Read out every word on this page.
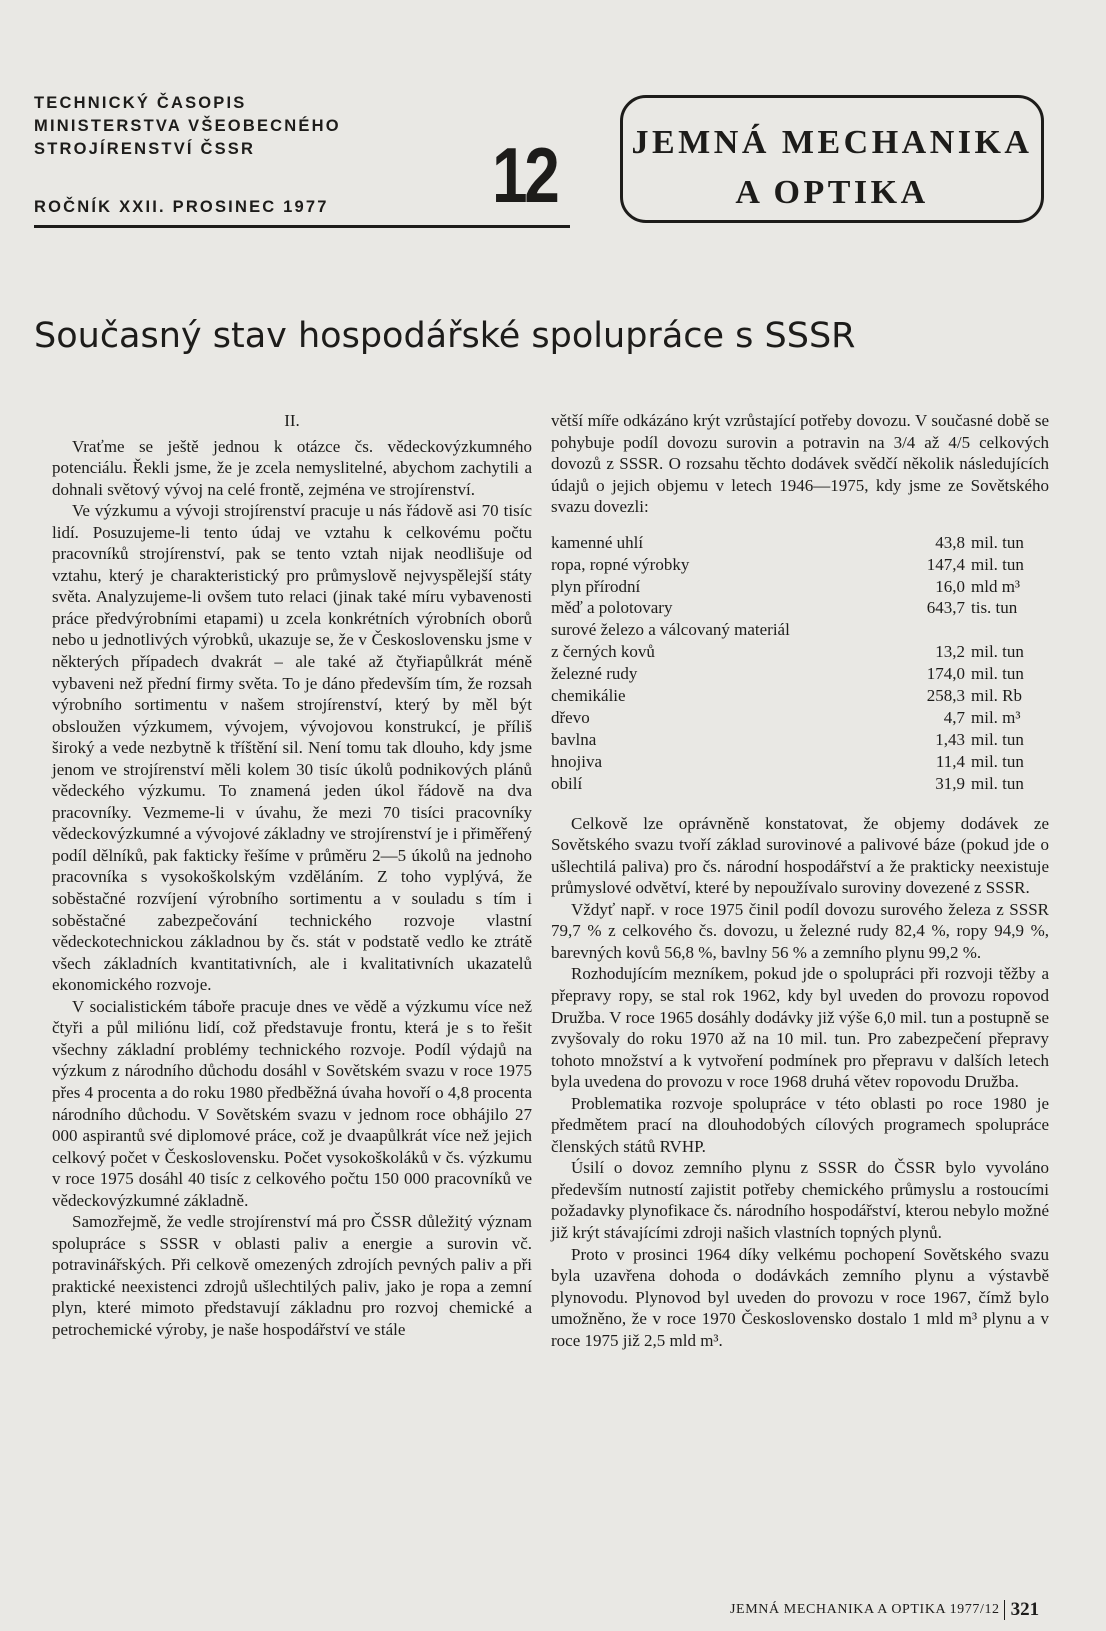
TECHNICKÝ ČASOPIS
MINISTERSTVA VŠEOBECNÉHO
STROJÍRENSTVÍ ČSSR
ROČNÍK XXII. PROSINEC 1977 12 JEMNÁ MECHANIKA
A OPTIKA
Současný stav hospodářské spolupráce s SSSR

II.

Vraťme se ještě jednou k otázce čs. vědeckovýzkumného potenciálu. Řekli jsme, že je zcela nemyslitelné, abychom zachytili a dohnali světový vývoj na celé frontě, zejména ve strojírenství.

Ve výzkumu a vývoji strojírenství pracuje u nás řádově asi 70 tisíc lidí. Posuzujeme-li tento údaj ve vztahu k celkovému počtu pracovníků strojírenství, pak se tento vztah nijak neodlišuje od vztahu, který je charakteristický pro průmyslově nejvyspělejší státy světa. Analyzujeme-li ovšem tuto relaci (jinak také míru vybavenosti práce předvýrobními etapami) u zcela konkrétních výrobních oborů nebo u jednotlivých výrobků, ukazuje se, že v Československu jsme v některých případech dvakrát – ale také až čtyřiapůlkrát méně vybaveni než přední firmy světa. To je dáno především tím, že rozsah výrobního sortimentu v našem strojírenství, který by měl být obsloužen výzkumem, vývojem, vývojovou konstrukcí, je příliš široký a vede nezbytně k tříštění sil. Není tomu tak dlouho, kdy jsme jenom ve strojírenství měli kolem 30 tisíc úkolů podnikových plánů vědeckého výzkumu. To znamená jeden úkol řádově na dva pracovníky. Vezmeme-li v úvahu, že mezi 70 tisíci pracovníky vědeckovýzkumné a vývojové základny ve strojírenství je i přiměřený podíl dělníků, pak fakticky řešíme v průměru 2—5 úkolů na jednoho pracovníka s vysokoškolským vzděláním. Z toho vyplývá, že soběstačné rozvíjení výrobního sortimentu a v souladu s tím i soběstačné zabezpečování technického rozvoje vlastní vědeckotechnickou základnou by čs. stát v podstatě vedlo ke ztrátě všech základních kvantitativních, ale i kvalitativních ukazatelů ekonomického rozvoje.

V socialistickém táboře pracuje dnes ve vědě a výzkumu více než čtyři a půl miliónu lidí, což představuje frontu, která je s to řešit všechny základní problémy technického rozvoje. Podíl výdajů na výzkum z národního důchodu dosáhl v Sovětském svazu v roce 1975 přes 4 procenta a do roku 1980 předběžná úvaha hovoří o 4,8 procenta národního důchodu. V Sovětském svazu v jednom roce obhájilo 27 000 aspirantů své diplomové práce, což je dvaapůlkrát více než jejich celkový počet v Československu. Počet vysokoškoláků v čs. výzkumu v roce 1975 dosáhl 40 tisíc z celkového počtu 150 000 pracovníků ve vědeckovýzkumné základně.

Samozřejmě, že vedle strojírenství má pro ČSSR důležitý význam spolupráce s SSSR v oblasti paliv a energie a surovin vč. potravinářských. Při celkově omezených zdrojích pevných paliv a při praktické neexistenci zdrojů ušlechtilých paliv, jako je ropa a zemní plyn, které mimoto představují základnu pro rozvoj chemické a petrochemické výroby, je naše hospodářství ve stále

větší míře odkázáno krýt vzrůstající potřeby dovozu. V současné době se pohybuje podíl dovozu surovin a potravin na 3/4 až 4/5 celkových dovozů z SSSR. O rozsahu těchto dodávek svědčí několik následujících údajů o jejich objemu v letech 1946—1975, kdy jsme ze Sovětského svazu dovezli:

kamenné uhlí	43,8	mil. tun
ropa, ropné výrobky	147,4	mil. tun
plyn přírodní	16,0	mld m³
měď a polotovary	643,7	tis. tun
surové železo a válcovaný materiál		
z černých kovů	13,2	mil. tun
železné rudy	174,0	mil. tun
chemikálie	258,3	mil. Rb
dřevo	4,7	mil. m³
bavlna	1,43	mil. tun
hnojiva	11,4	mil. tun
obilí	31,9	mil. tun

Celkově lze oprávněně konstatovat, že objemy dodávek ze Sovětského svazu tvoří základ surovinové a palivové báze (pokud jde o ušlechtilá paliva) pro čs. národní hospodářství a že prakticky neexistuje průmyslové odvětví, které by nepoužívalo suroviny dovezené z SSSR.

Vždyť např. v roce 1975 činil podíl dovozu surového železa z SSSR 79,7 % z celkového čs. dovozu, u železné rudy 82,4 %, ropy 94,9 %, barevných kovů 56,8 %, bavlny 56 % a zemního plynu 99,2 %.

Rozhodujícím mezníkem, pokud jde o spolupráci při rozvoji těžby a přepravy ropy, se stal rok 1962, kdy byl uveden do provozu ropovod Družba. V roce 1965 dosáhly dodávky již výše 6,0 mil. tun a postupně se zvyšovaly do roku 1970 až na 10 mil. tun. Pro zabezpečení přepravy tohoto množství a k vytvoření podmínek pro přepravu v dalších letech byla uvedena do provozu v roce 1968 druhá větev ropovodu Družba.

Problematika rozvoje spolupráce v této oblasti po roce 1980 je předmětem prací na dlouhodobých cílových programech spolupráce členských států RVHP.

Úsilí o dovoz zemního plynu z SSSR do ČSSR bylo vyvoláno především nutností zajistit potřeby chemického průmyslu a rostoucími požadavky plynofikace čs. národního hospodářství, kterou nebylo možné již krýt stávajícími zdroji našich vlastních topných plynů.

Proto v prosinci 1964 díky velkému pochopení Sovětského svazu byla uzavřena dohoda o dodávkách zemního plynu a výstavbě plynovodu. Plynovod byl uveden do provozu v roce 1967, čímž bylo umožněno, že v roce 1970 Československo dostalo 1 mld m³ plynu a v roce 1975 již 2,5 mld m³.

JEMNÁ MECHANIKA A OPTIKA 1977/12 321
